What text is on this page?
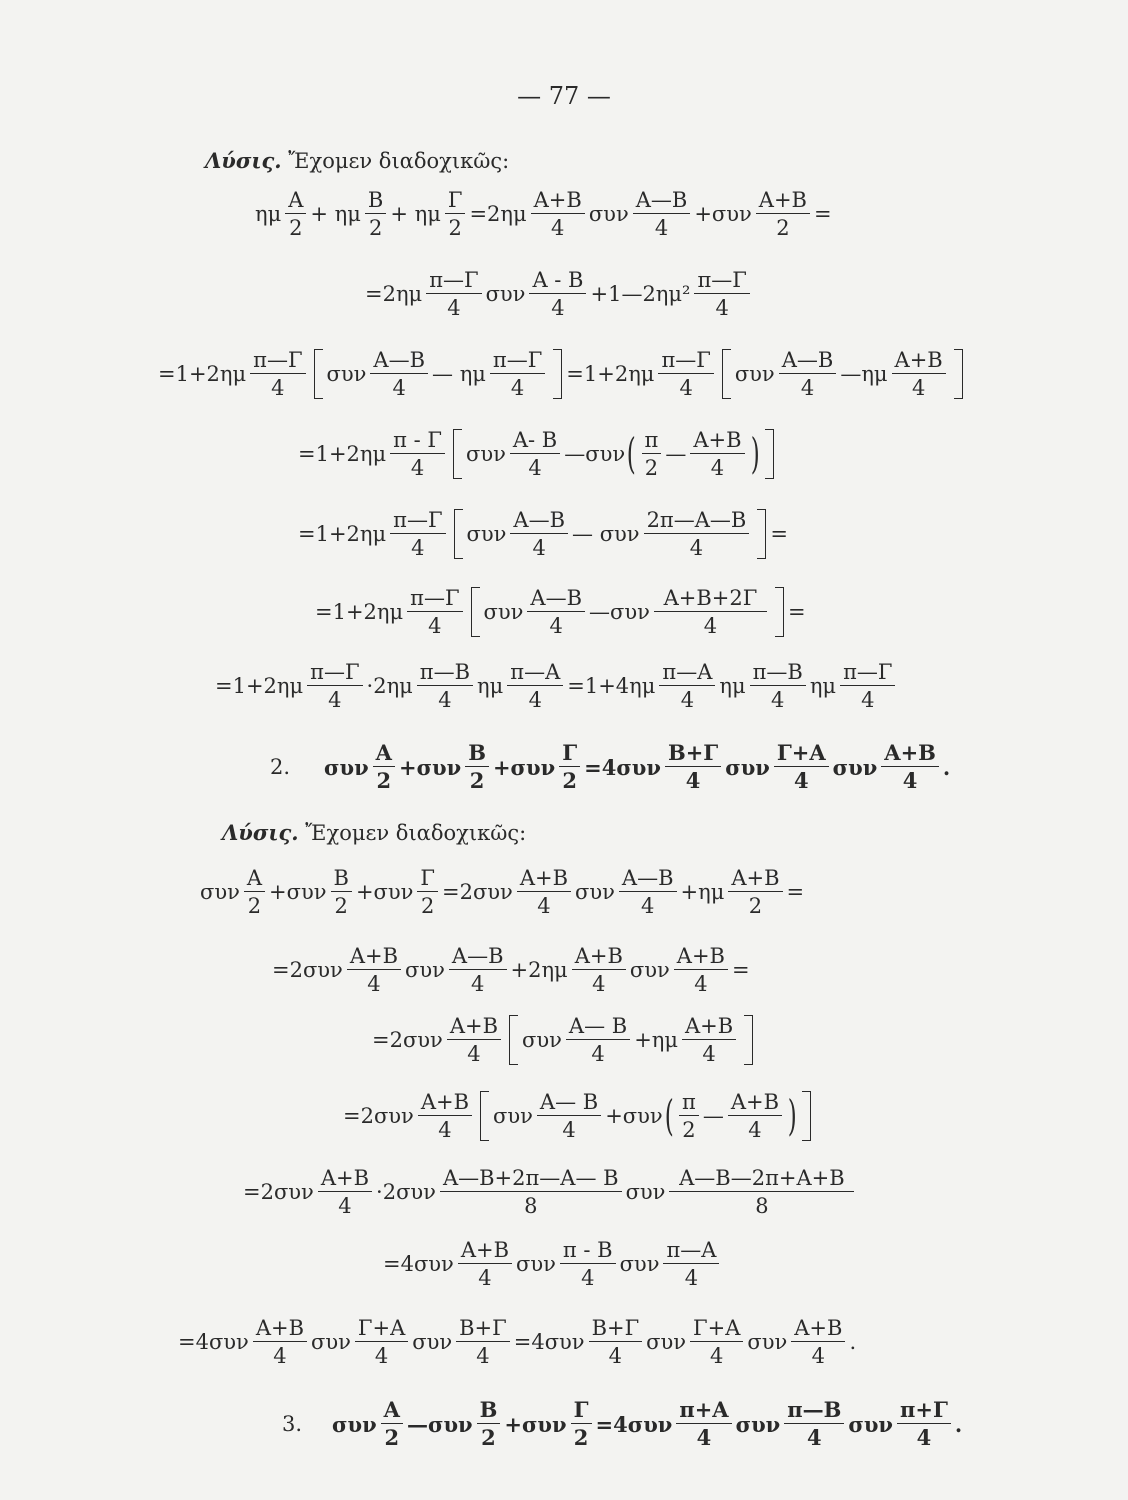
— 77 —
Λύσις. Ἔχομεν διαδοχικῶς:
ημ
A
2
+ ημ
B
2
+ ημ $\frac{\Gamma}{2} =2\eta\mu$
A+B
4
συν
A—B
4
$+\sigma\upsilon\nu \frac{A+B}{2}$ =
=2ημ
π—Γ
4
συν
A - B
4
+1—2ημ²
π—Γ
4
=1+2ημ
π—Γ
4
συν
A—B
4
— ημ
π—Γ
4
=1+2ημ
π—Γ
4
συν
A—B
4
—ημ
A+B
4
=1+2ημ
π - Γ
4
συν
A- B
4
—συν ( π
2
—
A+B
4 )
=1+2ημ
π—Γ
4
συν
A—B
4
— συν
2π—A—B
4
=
=1+2ημ
π—Γ
4
συν
A—B
4
—συν
A+B+2Γ
4
=
=1+2ημ
π—Γ
4
·2ημ
π—B
4
ημ $\frac{\pi—A}{4} =1+4\eta\mu$
π—A
4
ημ
π—B
4
ημ
π—Γ
4
2. συν
A
2
+συν
B
2
$+\sigma\upsilon\nu \frac{\Gamma}{2} =4\sigma\upsilon\nu$
B+Γ
4
συν
Γ+A
4
συν
A+B
4
.
Λύσις. Ἔχομεν διαδοχικῶς:
συν
A
2
+συν
B
2
$+\sigma\upsilon\nu \frac{\Gamma}{2} =2\sigma\upsilon\nu$
A+B
4
συν
A—B
4
$+\eta\mu \frac{A+B}{2}$ =
=2συν
A+B
4
συν
A—B
4
+2ημ
A+B
4
συν $\frac{A+B}{4}$ =
=2συν
A+B
4
συν
A— B
4
+ημ
A+B
4
=2συν
A+B
4
συν
A— B
4
+συν ( π
2
—
A+B
4 )
=2συν
A+B
4
·2συν
A—B+2π—A— B
8
συν
A—B—2π+A+B
8
=4συν
A+B
4
συν
π - B
4
συν
π—A
4
=4συν
A+B
4
συν
Γ+A
4
συν $\frac{B+\Gamma}{4} =4\sigma\upsilon\nu$
B+Γ
4
συν
Γ+A
4
συν
A+B
4
.
3. συν
A
2
—συν
B
2
$+\sigma\upsilon\nu \frac{\Gamma}{2} =4\sigma\upsilon\nu$
π+A
4
συν
π—B
4
συν
π+Γ
4
.
